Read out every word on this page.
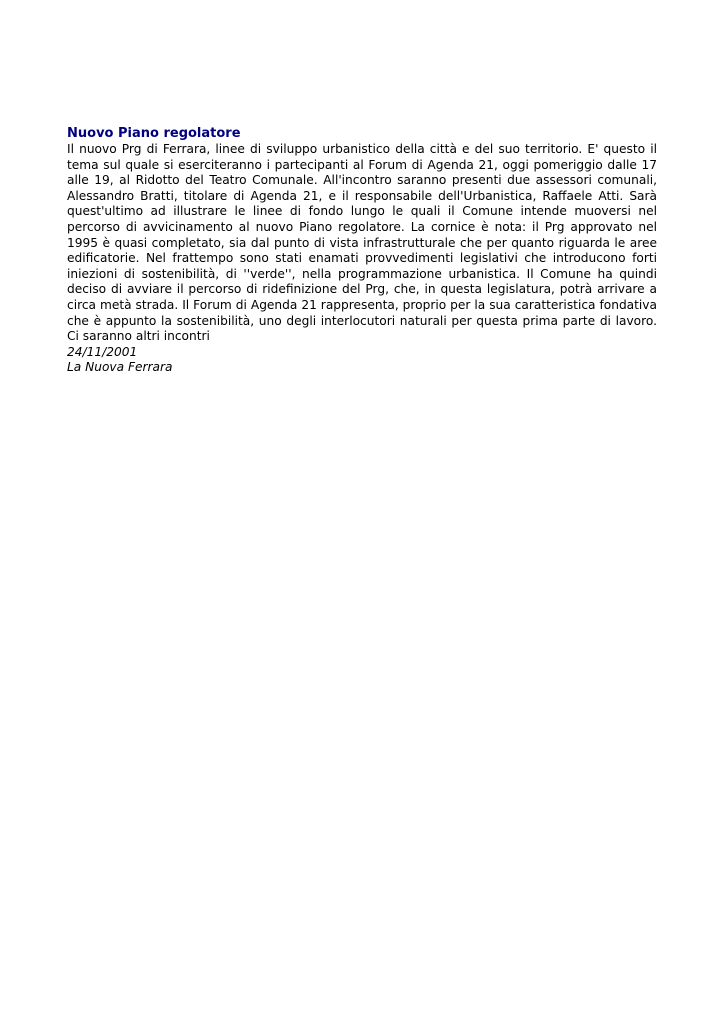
Nuovo Piano regolatore

Il nuovo Prg di Ferrara, linee di sviluppo urbanistico della città e del suo territorio. E' questo il tema sul quale si eserciteranno i partecipanti al Forum di Agenda 21, oggi pomeriggio dalle 17 alle 19, al Ridotto del Teatro Comunale. All'incontro saranno presenti due assessori comunali, Alessandro Bratti, titolare di Agenda 21, e il responsabile dell'Urbanistica, Raffaele Atti. Sarà quest'ultimo ad illustrare le linee di fondo lungo le quali il Comune intende muoversi nel percorso di avvicinamento al nuovo Piano regolatore. La cornice è nota: il Prg approvato nel 1995 è quasi completato, sia dal punto di vista infrastrutturale che per quanto riguarda le aree edificatorie. Nel frattempo sono stati enamati provvedimenti legislativi che introducono forti iniezioni di sostenibilità, di ''verde'', nella programmazione urbanistica. Il Comune ha quindi deciso di avviare il percorso di ridefinizione del Prg, che, in questa legislatura, potrà arrivare a circa metà strada. Il Forum di Agenda 21 rappresenta, proprio per la sua caratteristica fondativa che è appunto la sostenibilità, uno degli interlocutori naturali per questa prima parte di lavoro. Ci saranno altri incontri

24/11/2001

La Nuova Ferrara
